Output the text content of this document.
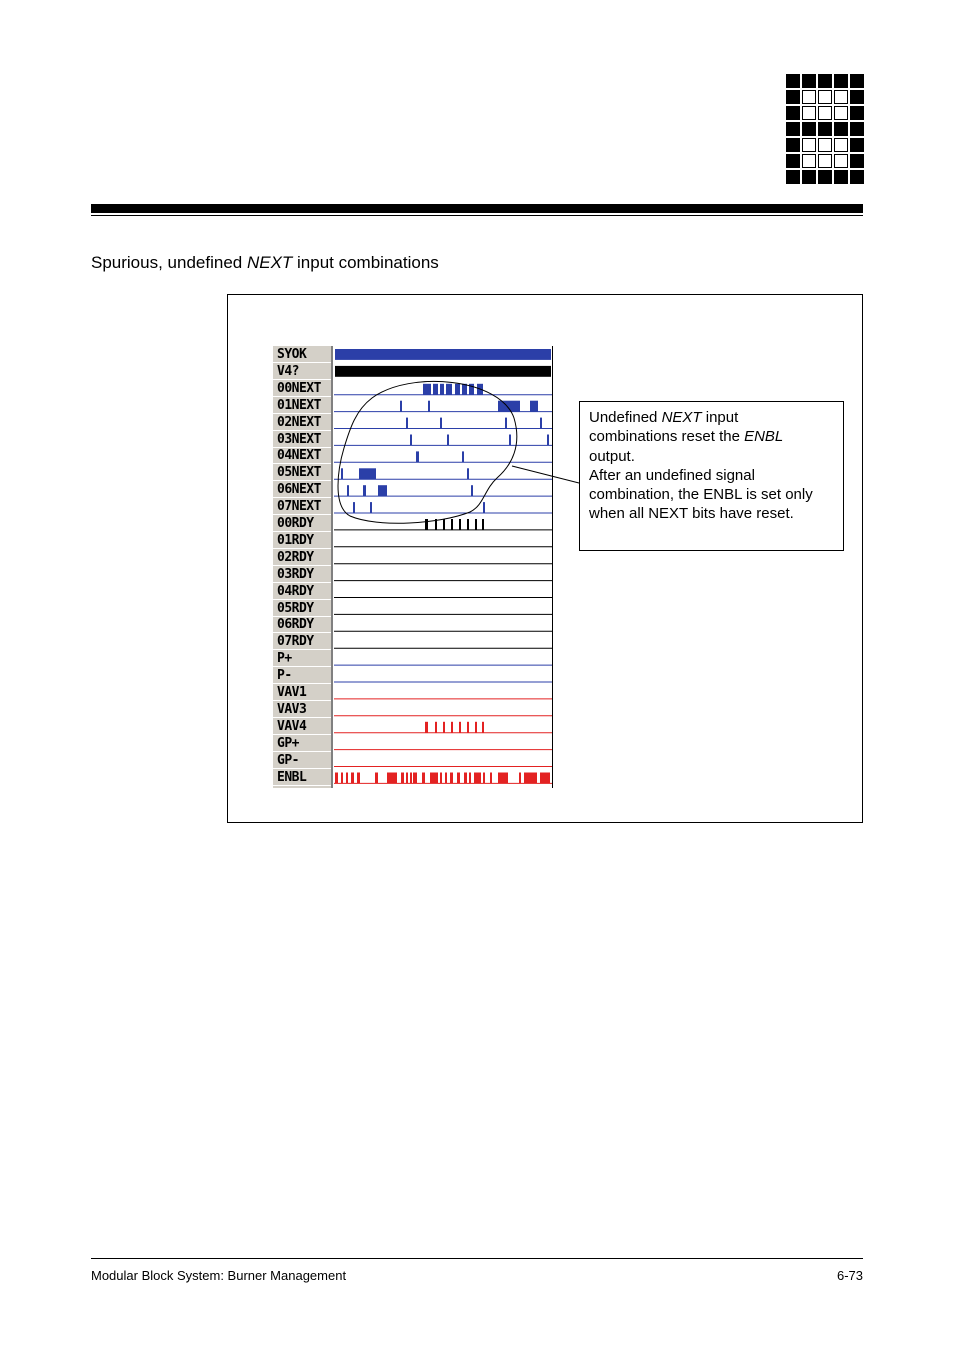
Spurious, undefined NEXT input combinations
SYOK
V4?
00NEXT
01NEXT
02NEXT
03NEXT
04NEXT
05NEXT
06NEXT
07NEXT
00RDY
01RDY
02RDY
03RDY
04RDY
05RDY
06RDY
07RDY
P+
P-
VAV1
VAV3
VAV4
GP+
GP-
ENBL
Undefined NEXT input
combinations reset the ENBL
output.
After an undefined signal
combination, the ENBL is set only
when all NEXT bits have reset.
Modular Block System: Burner Management	6-73
